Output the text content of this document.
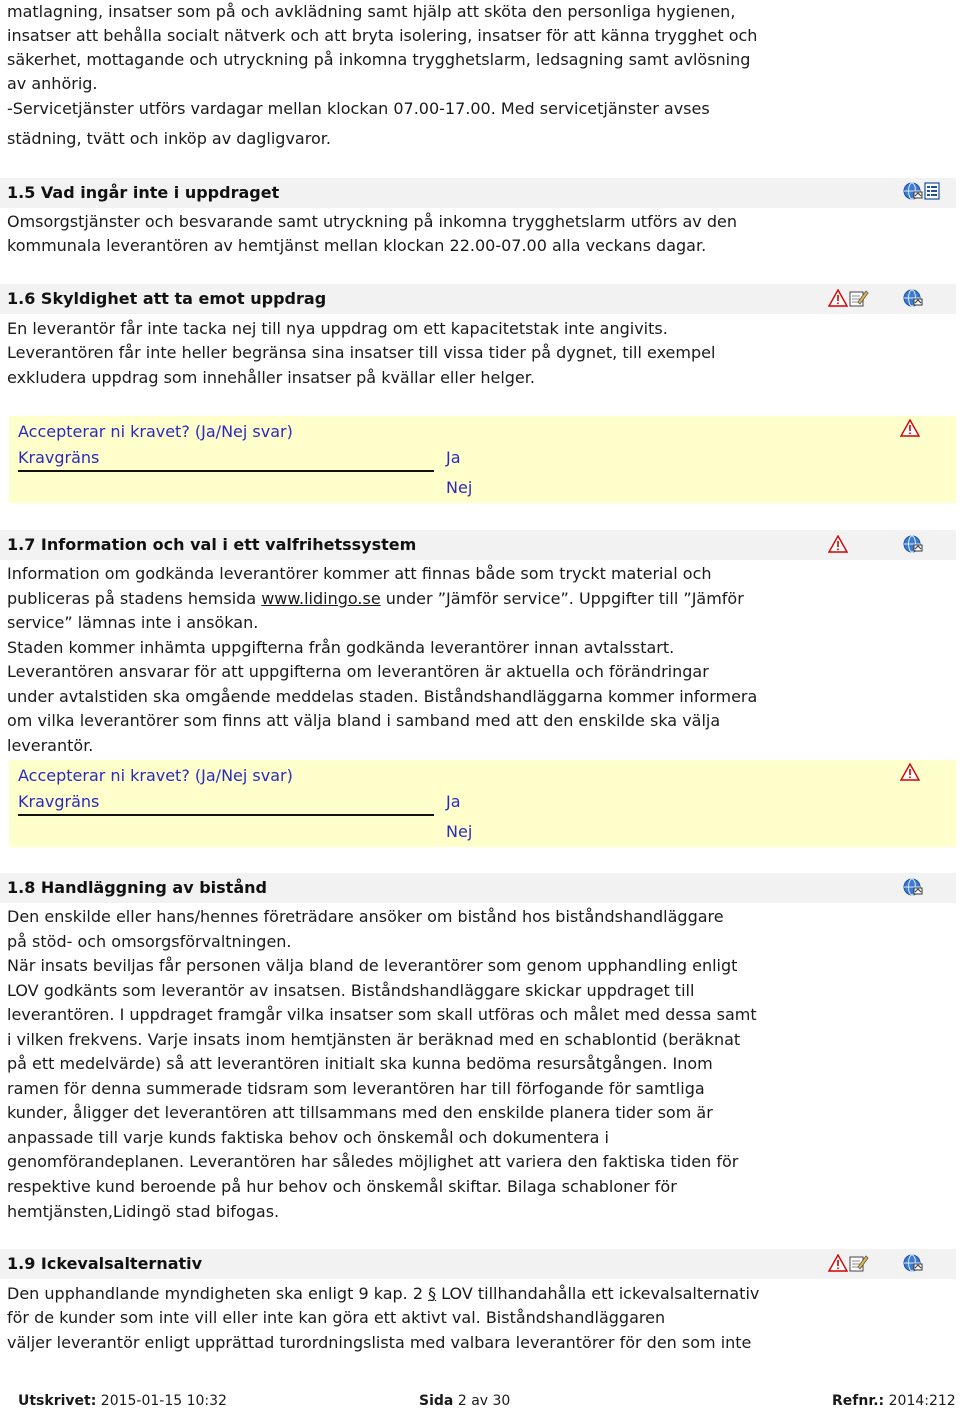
matlagning, insatser som på och avklädning samt hjälp att sköta den personliga hygienen,
insatser att behålla socialt nätverk och att bryta isolering, insatser för att känna trygghet och
säkerhet, mottagande och utryckning på inkomna trygghetslarm, ledsagning samt avlösning
av anhörig.
-Servicetjänster utförs vardagar mellan klockan 07.00-17.00. Med servicetjänster avses
städning, tvätt och inköp av dagligvaror.
1.5 Vad ingår inte i uppdraget
Omsorgstjänster och besvarande samt utryckning på inkomna trygghetslarm utförs av den
kommunala leverantören av hemtjänst mellan klockan 22.00-07.00 alla veckans dagar.
1.6 Skyldighet att ta emot uppdrag
En leverantör får inte tacka nej till nya uppdrag om ett kapacitetstak inte angivits.
Leverantören får inte heller begränsa sina insatser till vissa tider på dygnet, till exempel
exkludera uppdrag som innehåller insatser på kvällar eller helger.
Accepterar ni kravet? (Ja/Nej svar)
Kravgräns	Ja
Nej
1.7 Information och val i ett valfrihetssystem
Information om godkända leverantörer kommer att finnas både som tryckt material och
publiceras på stadens hemsida www.lidingo.se under ”Jämför service”. Uppgifter till ”Jämför
service” lämnas inte i ansökan.
Staden kommer inhämta uppgifterna från godkända leverantörer innan avtalsstart.
Leverantören ansvarar för att uppgifterna om leverantören är aktuella och förändringar
under avtalstiden ska omgående meddelas staden. Biståndshandläggarna kommer informera
om vilka leverantörer som finns att välja bland i samband med att den enskilde ska välja
leverantör.
Accepterar ni kravet? (Ja/Nej svar)
Kravgräns	Ja
Nej
1.8 Handläggning av bistånd
Den enskilde eller hans/hennes företrädare ansöker om bistånd hos biståndshandläggare
på stöd- och omsorgsförvaltningen.
När insats beviljas får personen välja bland de leverantörer som genom upphandling enligt
LOV godkänts som leverantör av insatsen. Biståndshandläggare skickar uppdraget till
leverantören. I uppdraget framgår vilka insatser som skall utföras och målet med dessa samt
i vilken frekvens. Varje insats inom hemtjänsten är beräknad med en schablontid (beräknat
på ett medelvärde) så att leverantören initialt ska kunna bedöma resursåtgången. Inom
ramen för denna summerade tidsram som leverantören har till förfogande för samtliga
kunder, åligger det leverantören att tillsammans med den enskilde planera tider som är
anpassade till varje kunds faktiska behov och önskemål och dokumentera i
genomförandeplanen. Leverantören har således möjlighet att variera den faktiska tiden för
respektive kund beroende på hur behov och önskemål skiftar. Bilaga schabloner för
hemtjänsten,Lidingö stad bifogas.
1.9 Ickevalsalternativ
Den upphandlande myndigheten ska enligt 9 kap. 2 § LOV tillhandahålla ett ickevalsalternativ
för de kunder som inte vill eller inte kan göra ett aktivt val. Biståndshandläggaren
väljer leverantör enligt upprättad turordningslista med valbara leverantörer för den som inte
Utskrivet: 2015-01-15 10:32	Sida 2 av 30	Refnr.: 2014:212
